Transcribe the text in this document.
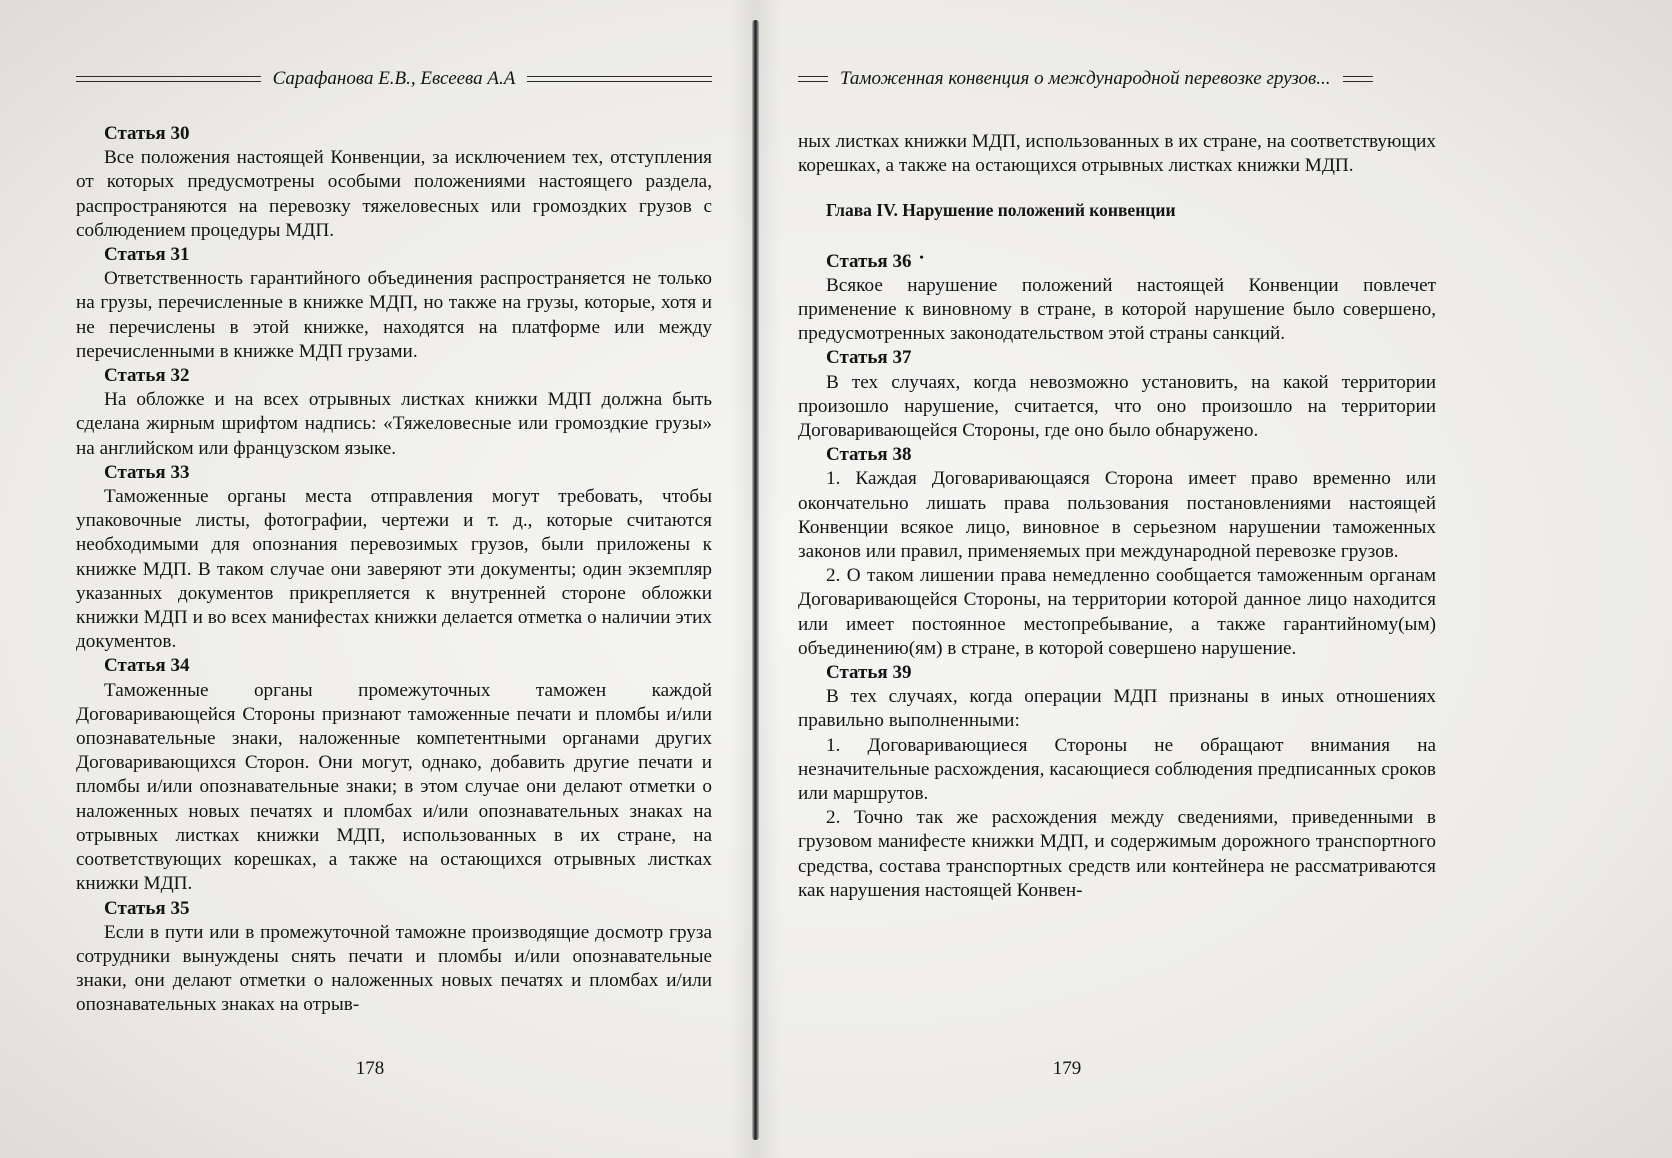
Сарафанова Е.В., Евсеева А.А
Статья 30

Все положения настоящей Конвенции, за исключением тех, отступления от которых предусмотрены особыми положениями настоящего раздела, распространяются на перевозку тяжеловесных или громоздких грузов с соблюдением процедуры МДП.

Статья 31

Ответственность гарантийного объединения распространяется не только на грузы, перечисленные в книжке МДП, но также на грузы, которые, хотя и не перечислены в этой книжке, находятся на платформе или между перечисленными в книжке МДП грузами.

Статья 32

На обложке и на всех отрывных листках книжки МДП должна быть сделана жирным шрифтом надпись: «Тяжеловесные или громоздкие грузы» на английском или французском языке.

Статья 33

Таможенные органы места отправления могут требовать, чтобы упаковочные листы, фотографии, чертежи и т. д., которые считаются необходимыми для опознания перевозимых грузов, были приложены к книжке МДП. В таком случае они заверяют эти документы; один экземпляр указанных документов прикрепляется к внутренней стороне обложки книжки МДП и во всех манифестах книжки делается отметка о наличии этих документов.

Статья 34

Таможенные органы промежуточных таможен каждой Договаривающейся Стороны признают таможенные печати и пломбы и/или опознавательные знаки, наложенные компетентными органами других Договаривающихся Сторон. Они могут, однако, добавить другие печати и пломбы и/или опознавательные знаки; в этом случае они делают отметки о наложенных новых печатях и пломбах и/или опознавательных знаках на отрывных листках книжки МДП, использованных в их стране, на соответствующих корешках, а также на остающихся отрывных листках книжки МДП.

Статья 35

Если в пути или в промежуточной таможне производящие досмотр груза сотрудники вынуждены снять печати и пломбы и/или опознавательные знаки, они делают отметки о наложенных новых печатях и пломбах и/или опознавательных знаках на отрыв-

178
Таможенная конвенция о международной перевозке грузов...

ных листках книжки МДП, использованных в их стране, на соответствующих корешках, а также на остающихся отрывных листках книжки МДП.

Глава IV. Нарушение положений конвенции
Статья 36 •

Всякое нарушение положений настоящей Конвенции повлечет применение к виновному в стране, в которой нарушение было совершено, предусмотренных законодательством этой страны санкций.

Статья 37

В тех случаях, когда невозможно установить, на какой территории произошло нарушение, считается, что оно произошло на территории Договаривающейся Стороны, где оно было обнаружено.

Статья 38

1. Каждая Договаривающаяся Сторона имеет право временно или окончательно лишать права пользования постановлениями настоящей Конвенции всякое лицо, виновное в серьезном нарушении таможенных законов или правил, применяемых при международной перевозке грузов.

2. О таком лишении права немедленно сообщается таможенным органам Договаривающейся Стороны, на территории которой данное лицо находится или имеет постоянное местопребывание, а также гарантийному(ым) объединению(ям) в стране, в которой совершено нарушение.

Статья 39

В тех случаях, когда операции МДП признаны в иных отношениях правильно выполненными:

1. Договаривающиеся Стороны не обращают внимания на незначительные расхождения, касающиеся соблюдения предписанных сроков или маршрутов.

2. Точно так же расхождения между сведениями, приведенными в грузовом манифесте книжки МДП, и содержимым дорожного транспортного средства, состава транспортных средств или контейнера не рассматриваются как нарушения настоящей Конвен-

179
